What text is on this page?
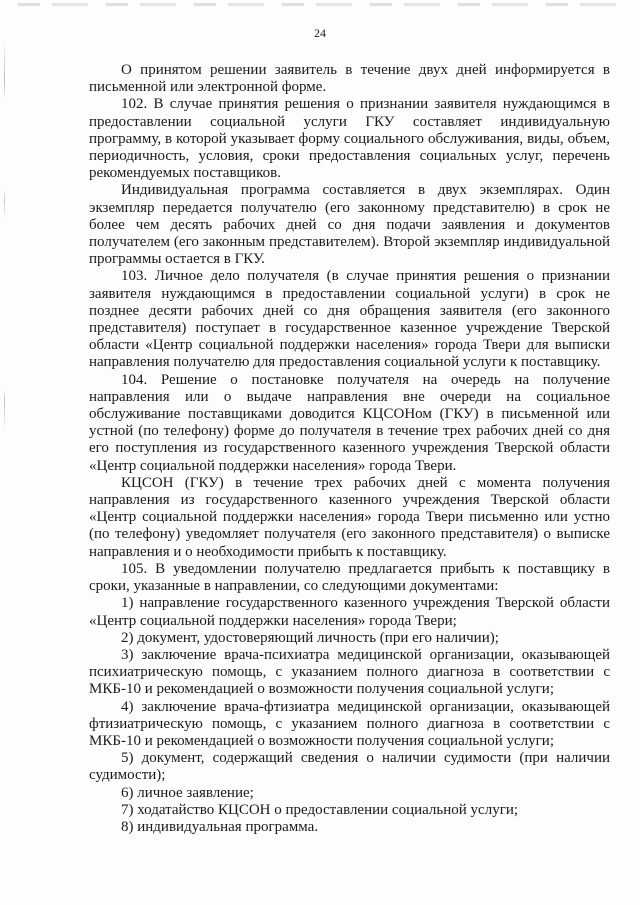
24

О принятом решении заявитель в течение двух дней информируется в письменной или электронной форме.

102. В случае принятия решения о признании заявителя нуждающимся в предоставлении социальной услуги ГКУ составляет индивидуальную программу, в которой указывает форму социального обслуживания, виды, объем, периодичность, условия, сроки предоставления социальных услуг, перечень рекомендуемых поставщиков.

Индивидуальная программа составляется в двух экземплярах. Один экземпляр передается получателю (его законному представителю) в срок не более чем десять рабочих дней со дня подачи заявления и документов получателем (его законным представителем). Второй экземпляр индивидуальной программы остается в ГКУ.

103. Личное дело получателя (в случае принятия решения о признании заявителя нуждающимся в предоставлении социальной услуги) в срок не позднее десяти рабочих дней со дня обращения заявителя (его законного представителя) поступает в государственное казенное учреждение Тверской области «Центр социальной поддержки населения» города Твери для выписки направления получателю для предоставления социальной услуги к поставщику.

104. Решение о постановке получателя на очередь на получение направления или о выдаче направления вне очереди на социальное обслуживание поставщиками доводится КЦСОНом (ГКУ) в письменной или устной (по телефону) форме до получателя в течение трех рабочих дней со дня его поступления из государственного казенного учреждения Тверской области «Центр социальной поддержки населения» города Твери.

КЦСОН (ГКУ) в течение трех рабочих дней с момента получения направления из государственного казенного учреждения Тверской области «Центр социальной поддержки населения» города Твери письменно или устно (по телефону) уведомляет получателя (его законного представителя) о выписке направления и о необходимости прибыть к поставщику.

105. В уведомлении получателю предлагается прибыть к поставщику в сроки, указанные в направлении, со следующими документами:

1) направление государственного казенного учреждения Тверской области «Центр социальной поддержки населения» города Твери;

2) документ, удостоверяющий личность (при его наличии);

3) заключение врача-психиатра медицинской организации, оказывающей психиатрическую помощь, с указанием полного диагноза в соответствии с МКБ-10 и рекомендацией о возможности получения социальной услуги;

4) заключение врача-фтизиатра медицинской организации, оказывающей фтизиатрическую помощь, с указанием полного диагноза в соответствии с МКБ-10 и рекомендацией о возможности получения социальной услуги;

5) документ, содержащий сведения о наличии судимости (при наличии судимости);

6) личное заявление;

7) ходатайство КЦСОН о предоставлении социальной услуги;

8) индивидуальная программа.
